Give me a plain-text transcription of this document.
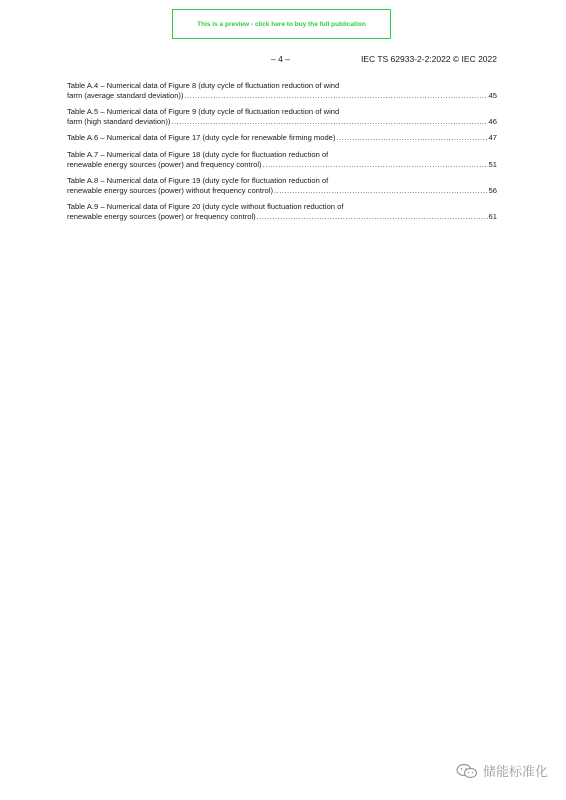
This is a preview - click here to buy the full publication
– 4 –	IEC TS 62933-2-2:2022 © IEC 2022
Table A.4 – Numerical data of Figure 8 (duty cycle of fluctuation reduction of wind
farm (average standard deviation)) .....	45
Table A.5 – Numerical data of Figure 9 (duty cycle of fluctuation reduction of wind
farm (high standard deviation)) .....	46
Table A.6 – Numerical data of Figure 17 (duty cycle for renewable firming mode) .....	47
Table A.7 – Numerical data of Figure 18 (duty cycle for fluctuation reduction of
renewable energy sources (power) and frequency control) .....	51
Table A.8 – Numerical data of Figure 19 (duty cycle for fluctuation reduction of
renewable energy sources (power) without frequency control) .....	56
Table A.9 – Numerical data of Figure 20 (duty cycle without fluctuation reduction of
renewable energy sources (power) or frequency control) .....	61
储能标准化
